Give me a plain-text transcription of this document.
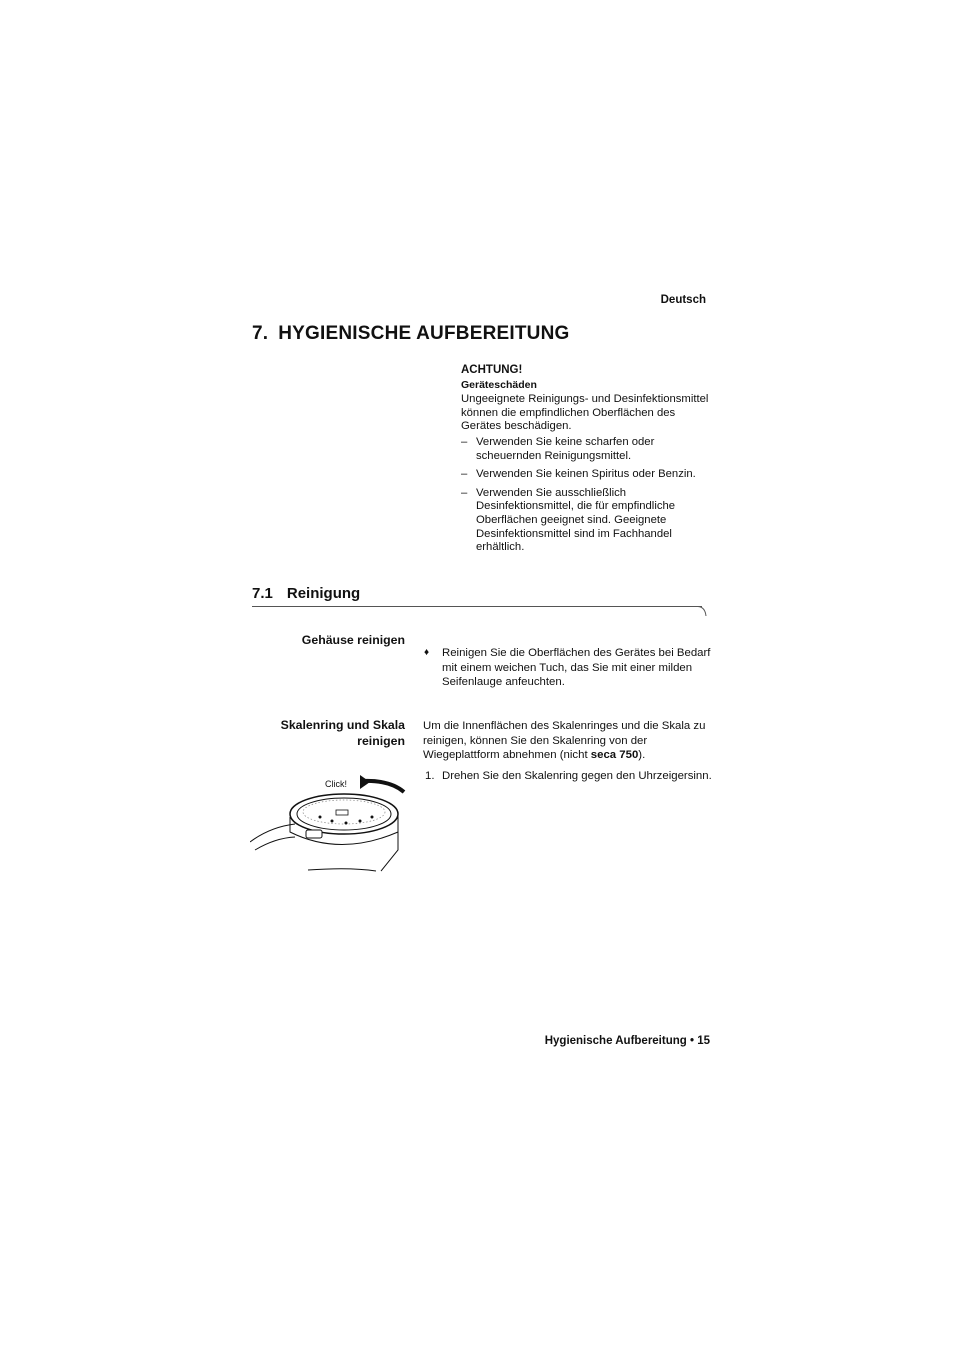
Deutsch
7. HYGIENISCHE AUFBEREITUNG
ACHTUNG!
Geräteschäden
Ungeeignete Reinigungs- und Desinfektionsmittel können die empfindlichen Oberflächen des Gerätes beschädigen.
– Verwenden Sie keine scharfen oder scheuernden Reinigungsmittel.
– Verwenden Sie keinen Spiritus oder Benzin.
– Verwenden Sie ausschließlich Desinfektionsmittel, die für empfindliche Oberflächen geeignet sind. Geeignete Desinfektionsmittel sind im Fachhandel erhältlich.
7.1 Reinigung
Gehäuse reinigen
♦ Reinigen Sie die Oberflächen des Gerätes bei Bedarf mit einem weichen Tuch, das Sie mit einer milden Seifenlauge anfeuchten.
Skalenring und Skala reinigen
Um die Innenflächen des Skalenringes und die Skala zu reinigen, können Sie den Skalenring von der Wiegeplattform abnehmen (nicht seca 750).
1. Drehen Sie den Skalenring gegen den Uhrzeigersinn.
Click!
Hygienische Aufbereitung • 15
